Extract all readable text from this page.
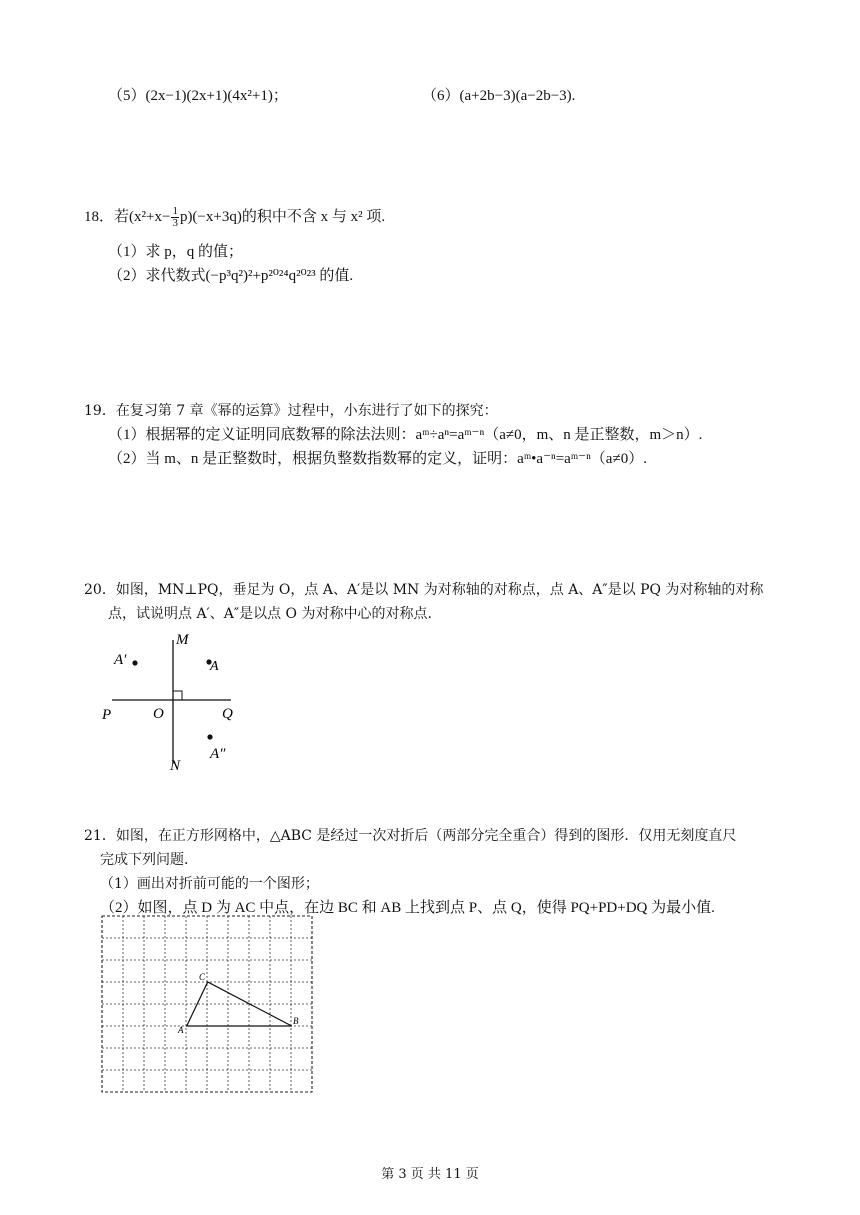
（5）(2x−1)(2x+1)(4x²+1)；	（6）(a+2b−3)(a−2b−3).
18．若$(x^2+x- \frac{1}{3} p)(-x+3q)$的积中不含 x 与 x² 项.
（1）求 p，q 的值；
（2）求代数式(−p³q²)²+p²⁰²⁴q²⁰²³ 的值.
19．在复习第 7 章《幂的运算》过程中，小东进行了如下的探究：
（1）根据幂的定义证明同底数幂的除法法则：aᵐ÷aⁿ=aᵐ⁻ⁿ（a≠0，m、n 是正整数，m＞n）.
（2）当 m、n 是正整数时，根据负整数指数幂的定义，证明：aᵐ•a⁻ⁿ=aᵐ⁻ⁿ（a≠0）.
20．如图，MN⊥PQ，垂足为 O，点 A、A′是以 MN 为对称轴的对称点，点 A、A″是以 PQ 为对称轴的对称
点，试说明点 A′、A″是以点 O 为对称中心的对称点.
M
N
P	Q
O
A′	A
A″
21．如图，在正方形网格中，△ABC 是经过一次对折后（两部分完全重合）得到的图形．仅用无刻度直尺
完成下列问题.
（1）画出对折前可能的一个图形；
（2）如图，点 D 为 AC 中点，在边 BC 和 AB 上找到点 P、点 Q，使得 PQ+PD+DQ 为最小值.
A
B
C
第 3 页 共 11 页
